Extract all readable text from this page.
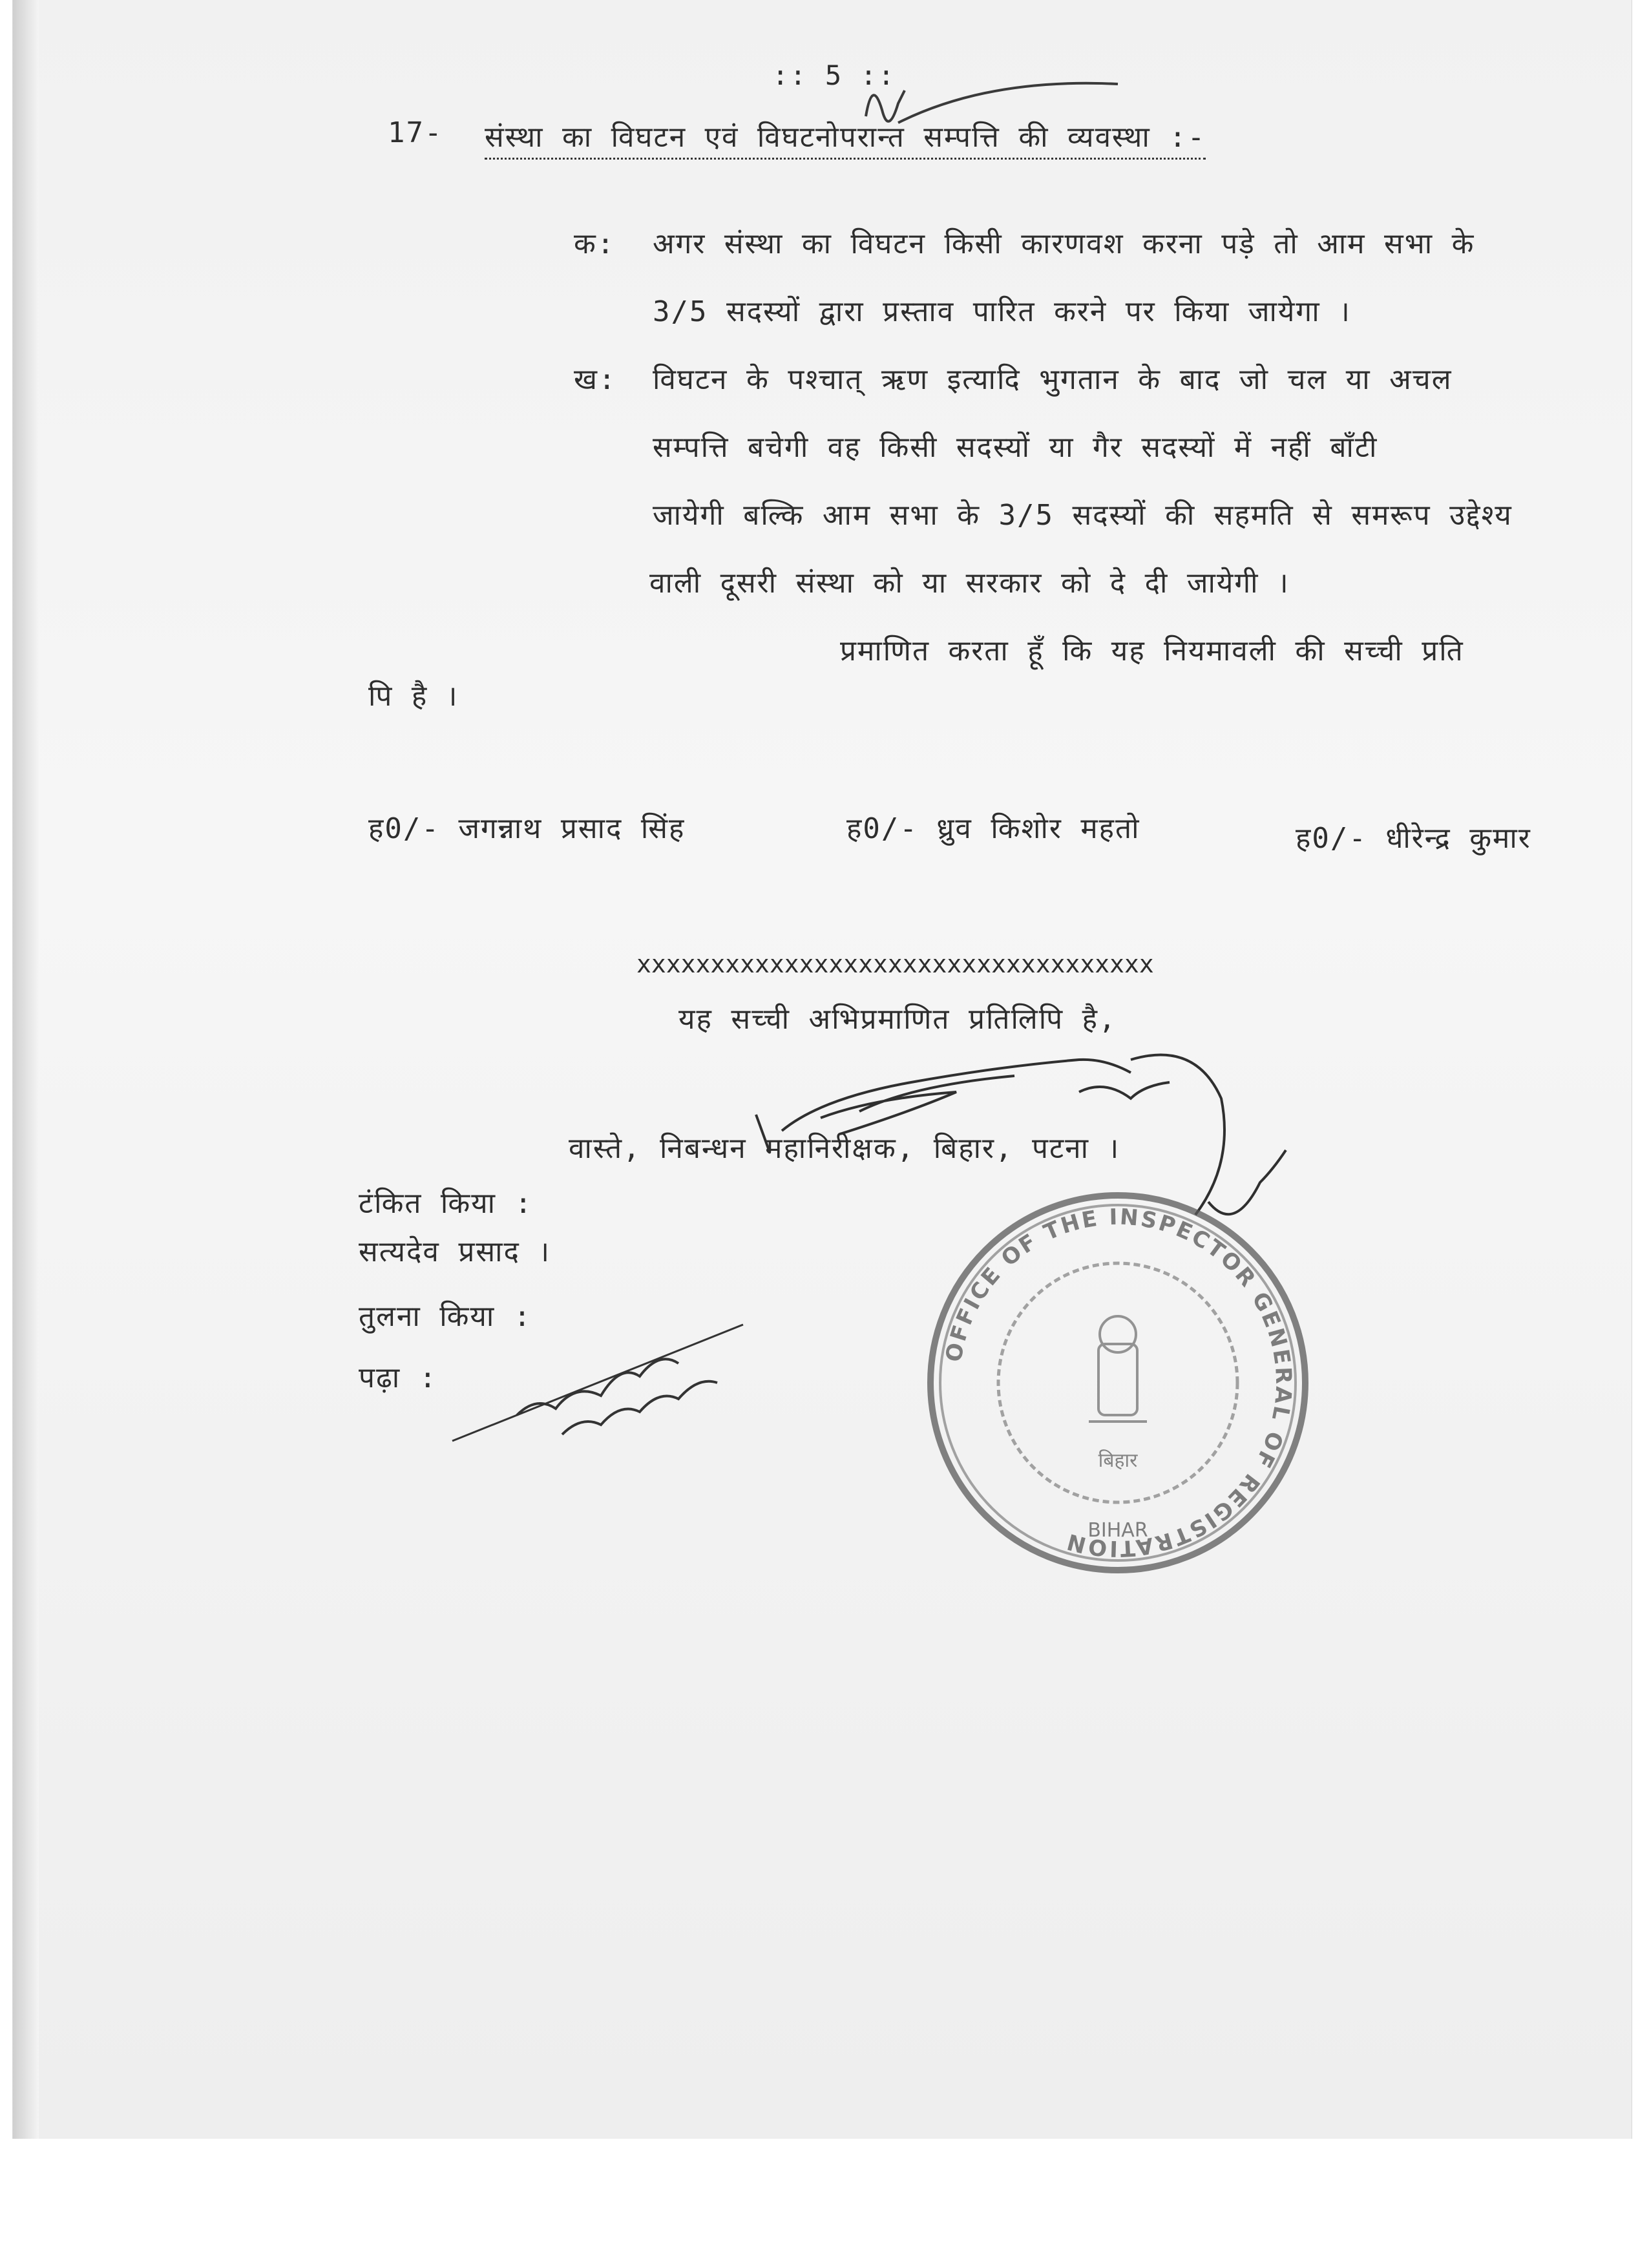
:: 5 ::
17- संस्था का विघटन एवं विघटनोपरान्त सम्पत्ति की व्यवस्था :-
क: अगर संस्था का विघटन किसी कारणवश करना पड़े तो आम सभा के
3/5 सदस्यों द्वारा प्रस्ताव पारित करने पर किया जायेगा ।
ख: विघटन के पश्चात् ऋण इत्यादि भुगतान के बाद जो चल या अचल
सम्पत्ति बचेगी वह किसी सदस्यों या गैर सदस्यों में नहीं बाँटी
जायेगी बल्कि आम सभा के 3/5 सदस्यों की सहमति से समरूप उद्देश्य
वाली दूसरी संस्था को या सरकार को दे दी जायेगी ।
प्रमाणित करता हूँ कि यह नियमावली की सच्ची प्रति
पि है ।
ह0/- जगन्नाथ प्रसाद सिंह	ह0/- ध्रुव किशोर महतो	ह0/- धीरेन्द्र कुमार
xxxxxxxxxxxxxxxxxxxxxxxxxxxxxxxxxxx
यह सच्ची अभिप्रमाणित प्रतिलिपि है,
वास्ते, निबन्धन महानिरीक्षक, बिहार, पटना ।
टंकित किया :
सत्यदेव प्रसाद ।
तुलना किया :
पढ़ा :
OFFICE OF THE INSPECTOR GENERAL OF REGISTRATION
BIHAR
बिहार
